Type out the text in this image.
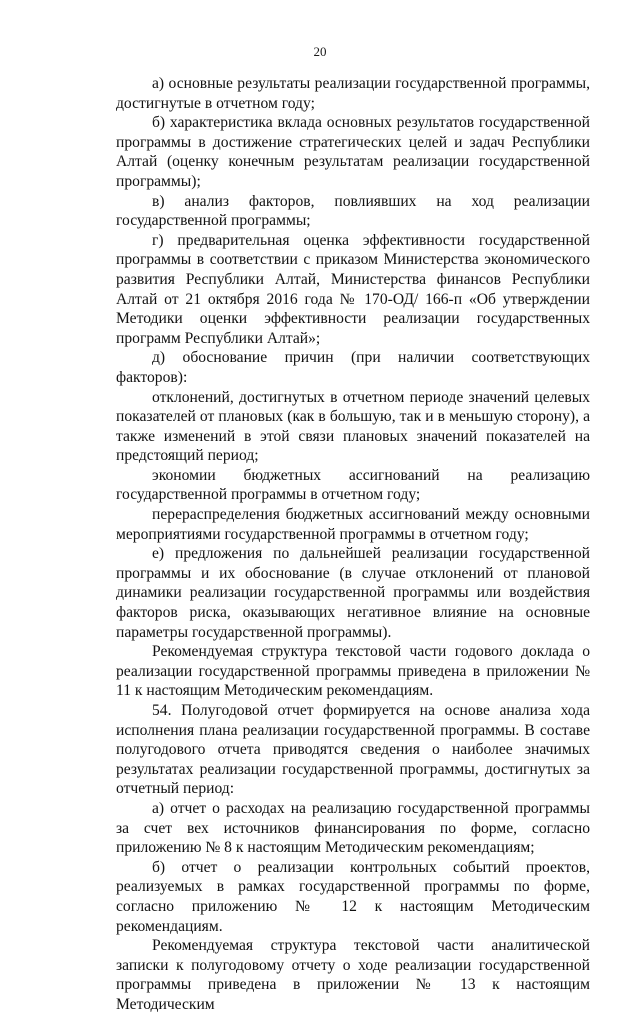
20

а) основные результаты реализации государственной программы, достигнутые в отчетном году;

б) характеристика вклада основных результатов государственной программы в достижение стратегических целей и задач Республики Алтай (оценку конечным результатам реализации государственной программы);

в) анализ факторов, повлиявших на ход реализации государственной программы;

г) предварительная оценка эффективности государственной программы в соответствии с приказом Министерства экономического развития Республики Алтай, Министерства финансов Республики Алтай от 21 октября 2016 года № 170-ОД/ 166-п «Об утверждении Методики оценки эффективности реализации государственных программ Республики Алтай»;

д) обоснование причин (при наличии соответствующих факторов):

отклонений, достигнутых в отчетном периоде значений целевых показателей от плановых (как в большую, так и в меньшую сторону), а также изменений в этой связи плановых значений показателей на предстоящий период;

экономии бюджетных ассигнований на реализацию государственной программы в отчетном году;

перераспределения бюджетных ассигнований между основными мероприятиями государственной программы в отчетном году;

е) предложения по дальнейшей реализации государственной программы и их обоснование (в случае отклонений от плановой динамики реализации государственной программы или воздействия факторов риска, оказывающих негативное влияние на основные параметры государственной программы).

Рекомендуемая структура текстовой части годового доклада о реализации государственной программы приведена в приложении № 11 к настоящим Методическим рекомендациям.

54. Полугодовой отчет формируется на основе анализа хода исполнения плана реализации государственной программы. В составе полугодового отчета приводятся сведения о наиболее значимых результатах реализации государственной программы, достигнутых за отчетный период:

а) отчет о расходах на реализацию государственной программы за счет вех источников финансирования по форме, согласно приложению № 8 к настоящим Методическим рекомендациям;

б) отчет о реализации контрольных событий проектов, реализуемых в рамках государственной программы по форме, согласно приложению № 12 к настоящим Методическим рекомендациям.

Рекомендуемая структура текстовой части аналитической записки к полугодовому отчету о ходе реализации государственной программы приведена в приложении № 13 к настоящим Методическим
